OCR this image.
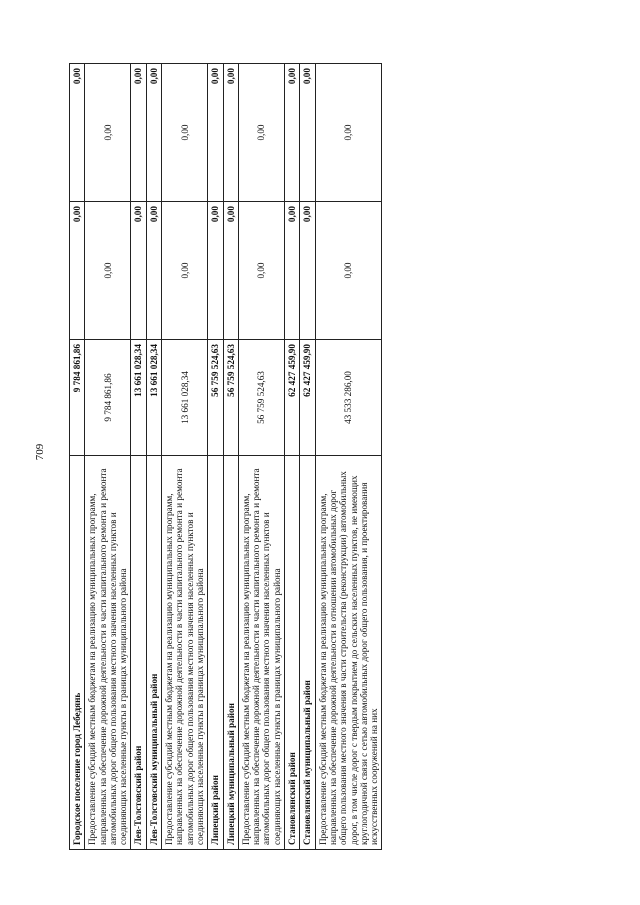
709
Городское поселение город Лебедянь	9 784 861,86	0,00	0,00
Предоставление субсидий местным бюджетам на реализацию муниципальных программ, направленных на обеспечение дорожной деятельности в части капитального ремонта и ремонта автомобильных дорог общего пользования местного значения населенных пунктов и соединяющих населенные пункты в границах муниципального района	9 784 861,86	0,00	0,00
Лев-Толстовский район	13 661 028,34	0,00	0,00
Лев-Толстовский муниципальный район	13 661 028,34	0,00	0,00
Предоставление субсидий местным бюджетам на реализацию муниципальных программ, направленных на обеспечение дорожной деятельности в части капитального ремонта и ремонта автомобильных дорог общего пользования местного значения населенных пунктов и соединяющих населенные пункты в границах муниципального района	13 661 028,34	0,00	0,00
Липецкий район	56 759 524,63	0,00	0,00
Липецкий муниципальный район	56 759 524,63	0,00	0,00
Предоставление субсидий местным бюджетам на реализацию муниципальных программ, направленных на обеспечение дорожной деятельности в части капитального ремонта и ремонта автомобильных дорог общего пользования местного значения населенных пунктов и соединяющих населенные пункты в границах муниципального района	56 759 524,63	0,00	0,00
Становлянский район	62 427 459,90	0,00	0,00
Становлянский муниципальный район	62 427 459,90	0,00	0,00
Предоставление субсидий местным бюджетам на реализацию муниципальных программ, направленных на обеспечение дорожной деятельности в отношении автомобильных дорог общего пользования местного значения в части строительства (реконструкции) автомобильных дорог, в том числе дорог с твердым покрытием до сельских населенных пунктов, не имеющих круглогодичной связи с сетью автомобильных дорог общего пользования, и проектирования искусственных сооружений на них	43 533 286,00	0,00	0,00
